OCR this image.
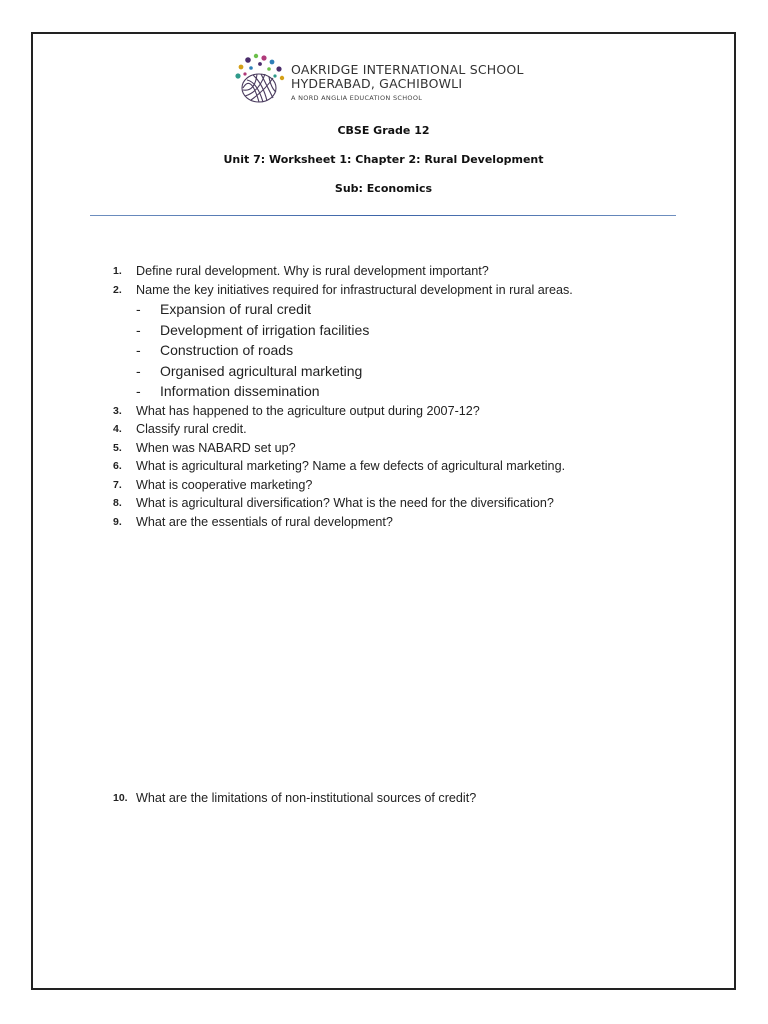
OAKRIDGE INTERNATIONAL SCHOOL
HYDERABAD, GACHIBOWLI
A NORD ANGLIA EDUCATION SCHOOL
CBSE Grade 12
Unit 7: Worksheet 1: Chapter 2: Rural Development
Sub: Economics
1. Define rural development. Why is rural development important?
2. Name the key initiatives required for infrastructural development in rural areas.
- Expansion of rural credit
- Development of irrigation facilities
- Construction of roads
- Organised agricultural marketing
- Information dissemination
3. What has happened to the agriculture output during 2007-12?
4. Classify rural credit.
5. When was NABARD set up?
6. What is agricultural marketing? Name a few defects of agricultural marketing.
7. What is cooperative marketing?
8. What is agricultural diversification? What is the need for the diversification?
9. What are the essentials of rural development?
10. What are the limitations of non-institutional sources of credit?
